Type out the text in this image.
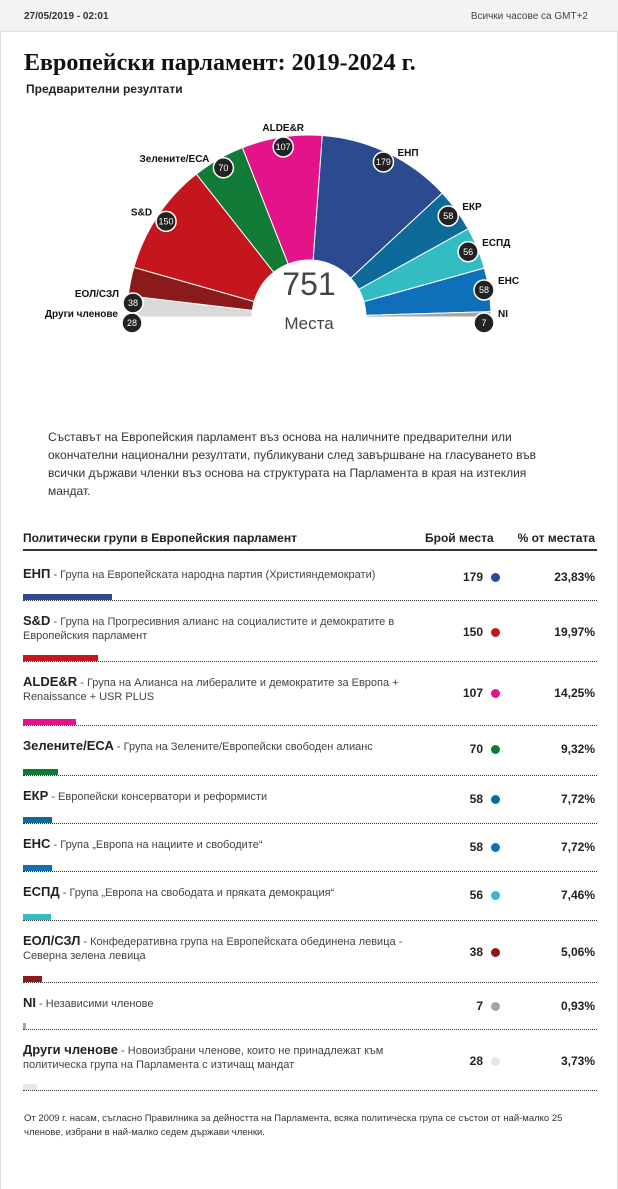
27/05/2019 - 02:01	Всички часове са GMT+2
Европейски парламент: 2019-2024 г.
Предварителни резултати
28
Други членове
38
ЕОЛ/СЗЛ
150
S&D
70
Зелените/ЕСА
107
ALDE&R
179
ЕНП
58
ЕКР
56
ЕСПД
58
ЕНС
7
NI
751
Места

Съставът на Европейския парламент въз основа на наличните предварителни или окончателни национални резултати, публикувани след завършване на гласуването във всички държави членки въз основа на структурата на Парламента в края на изтеклия мандат.

Политически групи в Европейския парламент	Брой места % от местата
ЕНП - Група на Европейската народна партия (Християндемократи)	179	23,83%
S&D - Група на Прогресивния алианс на социалистите и демократите в Европейския парламент	150	19,97%
ALDE&R - Група на Алианса на либералите и демократите за Европа + Renaissance + USR PLUS	107	14,25%
Зелените/ЕСА - Група на Зелените/Европейски свободен алианс	70	9,32%
ЕКР - Европейски консерватори и реформисти	58	7,72%
ЕНС - Група „Европа на нациите и свободите“	58	7,72%
ЕСПД - Група „Европа на свободата и пряката демокрация“	56	7,46%
ЕОЛ/СЗЛ - Конфедеративна група на Европейската обединена левица - Северна зелена левица	38	5,06%
NI - Независими членове	7	0,93%
Други членове - Новоизбрани членове, които не принадлежат към политическа група на Парламента с изтичащ мандат	28	3,73%

От 2009 г. насам, съгласно Правилника за дейността на Парламента, всяка политическа група се състои от най-малко 25 членове, избрани в най-малко седем държави членки.
